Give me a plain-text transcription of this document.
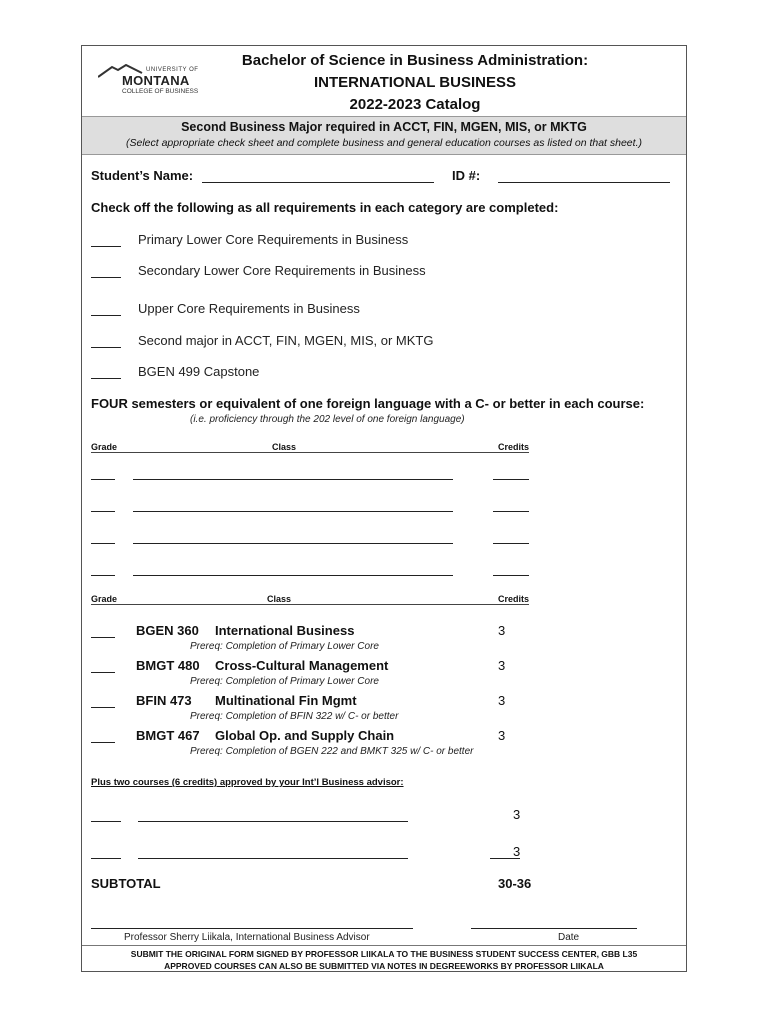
UNIVERSITY OF
MONTANA
COLLEGE OF BUSINESS
Bachelor of Science in Business Administration:
INTERNATIONAL BUSINESS
2022-2023 Catalog
Second Business Major required in ACCT, FIN, MGEN, MIS, or MKTG
(Select appropriate check sheet and complete business and general education courses as listed on that sheet.)
Student’s Name:	ID #:
Check off the following as all requirements in each category are completed:
Primary Lower Core Requirements in Business
Secondary Lower Core Requirements in Business
Upper Core Requirements in Business
Second major in ACCT, FIN, MGEN, MIS, or MKTG
BGEN 499 Capstone
FOUR semesters or equivalent of one foreign language with a C- or better in each course:
(i.e. proficiency through the 202 level of one foreign language)
Grade	Class	Credits
Grade	Class	Credits
BGEN 360 International Business	3
Prereq: Completion of Primary Lower Core
BMGT 480 Cross-Cultural Management	3
Prereq: Completion of Primary Lower Core
BFIN 473 Multinational Fin Mgmt	3
Prereq: Completion of BFIN 322 w/ C- or better
BMGT 467 Global Op. and Supply Chain	3
Prereq: Completion of BGEN 222 and BMKT 325 w/ C- or better
Plus two courses (6 credits) approved by your Int’l Business advisor:
3
3
SUBTOTAL	30-36
Professor Sherry Liikala, International Business Advisor	Date
SUBMIT THE ORIGINAL FORM SIGNED BY PROFESSOR LIIKALA TO THE BUSINESS STUDENT SUCCESS CENTER, GBB L35
APPROVED COURSES CAN ALSO BE SUBMITTED VIA NOTES IN DEGREEWORKS BY PROFESSOR LIIKALA
